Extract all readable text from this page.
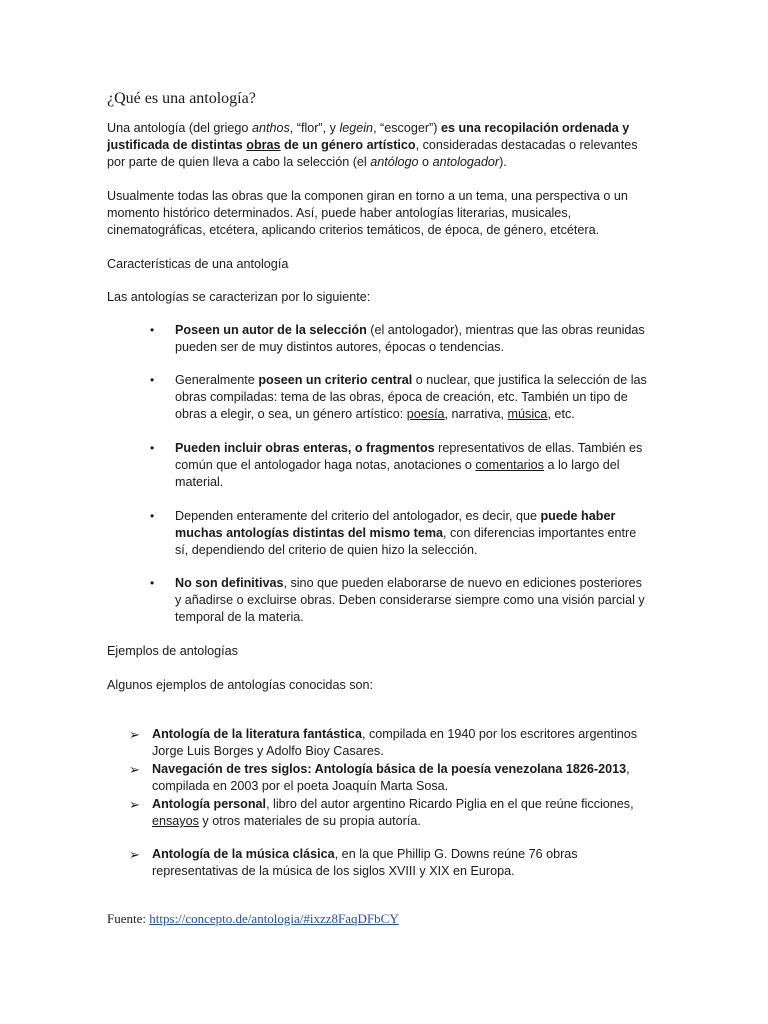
¿Qué es una antología?
Una antología (del griego anthos, “flor”, y legein, “escoger”) es una recopilación ordenada y justificada de distintas obras de un género artístico, consideradas destacadas o relevantes por parte de quien lleva a cabo la selección (el antólogo o antologador).
Usualmente todas las obras que la componen giran en torno a un tema, una perspectiva o un momento histórico determinados. Así, puede haber antologías literarias, musicales, cinematográficas, etcétera, aplicando criterios temáticos, de época, de género, etcétera.
Características de una antología
Las antologías se caracterizan por lo siguiente:
• Poseen un autor de la selección (el antologador), mientras que las obras reunidas pueden ser de muy distintos autores, épocas o tendencias.
• Generalmente poseen un criterio central o nuclear, que justifica la selección de las obras compiladas: tema de las obras, época de creación, etc. También un tipo de obras a elegir, o sea, un género artístico: poesía, narrativa, música, etc.
• Pueden incluir obras enteras, o fragmentos representativos de ellas. También es común que el antologador haga notas, anotaciones o comentarios a lo largo del material.
• Dependen enteramente del criterio del antologador, es decir, que puede haber muchas antologías distintas del mismo tema, con diferencias importantes entre sí, dependiendo del criterio de quien hizo la selección.
• No son definitivas, sino que pueden elaborarse de nuevo en ediciones posteriores y añadirse o excluirse obras. Deben considerarse siempre como una visión parcial y temporal de la materia.
Ejemplos de antologías
Algunos ejemplos de antologías conocidas son:
➢ Antología de la literatura fantástica, compilada en 1940 por los escritores argentinos Jorge Luis Borges y Adolfo Bioy Casares.
➢ Navegación de tres siglos: Antología básica de la poesía venezolana 1826-2013, compilada en 2003 por el poeta Joaquín Marta Sosa.
➢ Antología personal, libro del autor argentino Ricardo Piglia en el que reúne ficciones, ensayos y otros materiales de su propia autoría.
➢ Antología de la música clásica, en la que Phillip G. Downs reúne 76 obras representativas de la música de los siglos XVIII y XIX en Europa.
Fuente: https://concepto.de/antologia/#ixzz8FaqDFbCY
